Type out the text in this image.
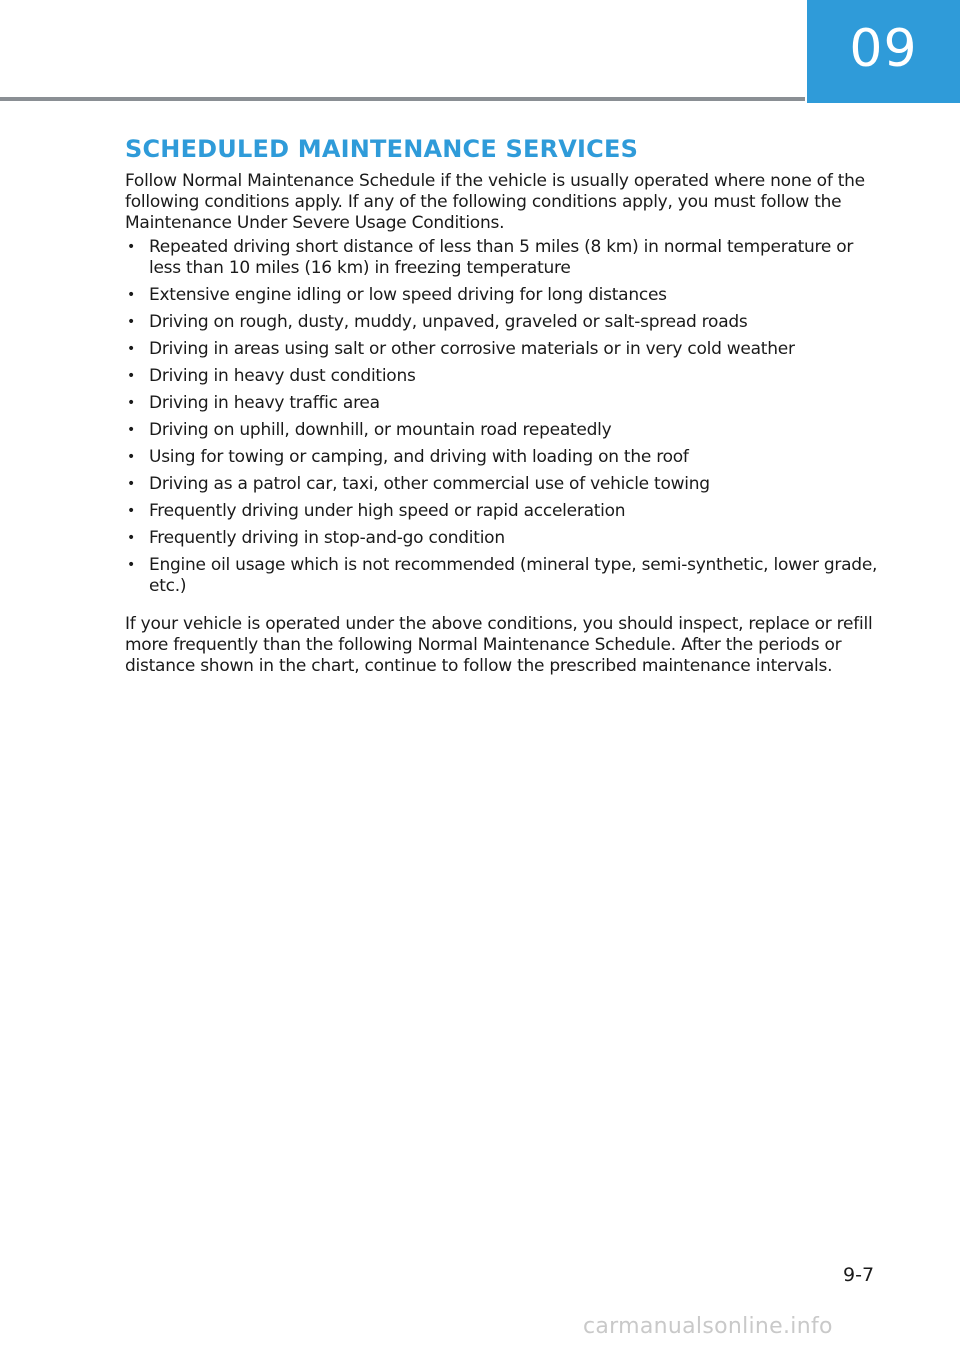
09
SCHEDULED MAINTENANCE SERVICES

Follow Normal Maintenance Schedule if the vehicle is usually operated where none of the following conditions apply. If any of the following conditions apply, you must follow the Maintenance Under Severe Usage Conditions.

• Repeated driving short distance of less than 5 miles (8 km) in normal temperature or less than 10 miles (16 km) in freezing temperature
• Extensive engine idling or low speed driving for long distances
• Driving on rough, dusty, muddy, unpaved, graveled or salt-spread roads
• Driving in areas using salt or other corrosive materials or in very cold weather
• Driving in heavy dust conditions
• Driving in heavy traffic area
• Driving on uphill, downhill, or mountain road repeatedly
• Using for towing or camping, and driving with loading on the roof
• Driving as a patrol car, taxi, other commercial use of vehicle towing
• Frequently driving under high speed or rapid acceleration
• Frequently driving in stop-and-go condition
• Engine oil usage which is not recommended (mineral type, semi-synthetic, lower grade, etc.)

If your vehicle is operated under the above conditions, you should inspect, replace or refill more frequently than the following Normal Maintenance Schedule. After the periods or distance shown in the chart, continue to follow the prescribed maintenance intervals.

9-7
carmanualsonline.info
